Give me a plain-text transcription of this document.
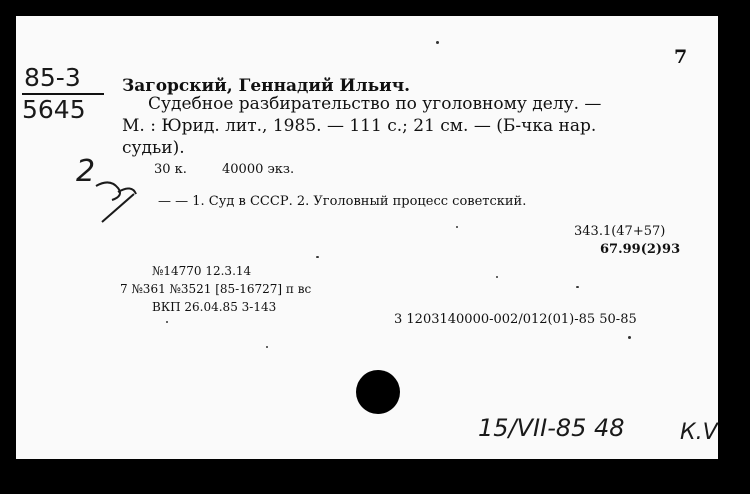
7
85-3
5645
2
Загорский, Геннадий Ильич.
Судебное разбирательство по уголовному делу. —
М. : Юрид. лит., 1985. — 111 с.; 21 см. — (Б-чка нар.
судьи).
30 к.	40000 экз.
— — 1. Суд в СССР. 2. Уголовный процесс советский.
343.1(47+57)
67.99(2)93
№14770 12.3.14
7 №361 №3521 [85-16727] п вс
ВКП 26.04.85 3-143
3 1203140000-002/012(01)-85 50-85
15/VII-85 48	К.V
